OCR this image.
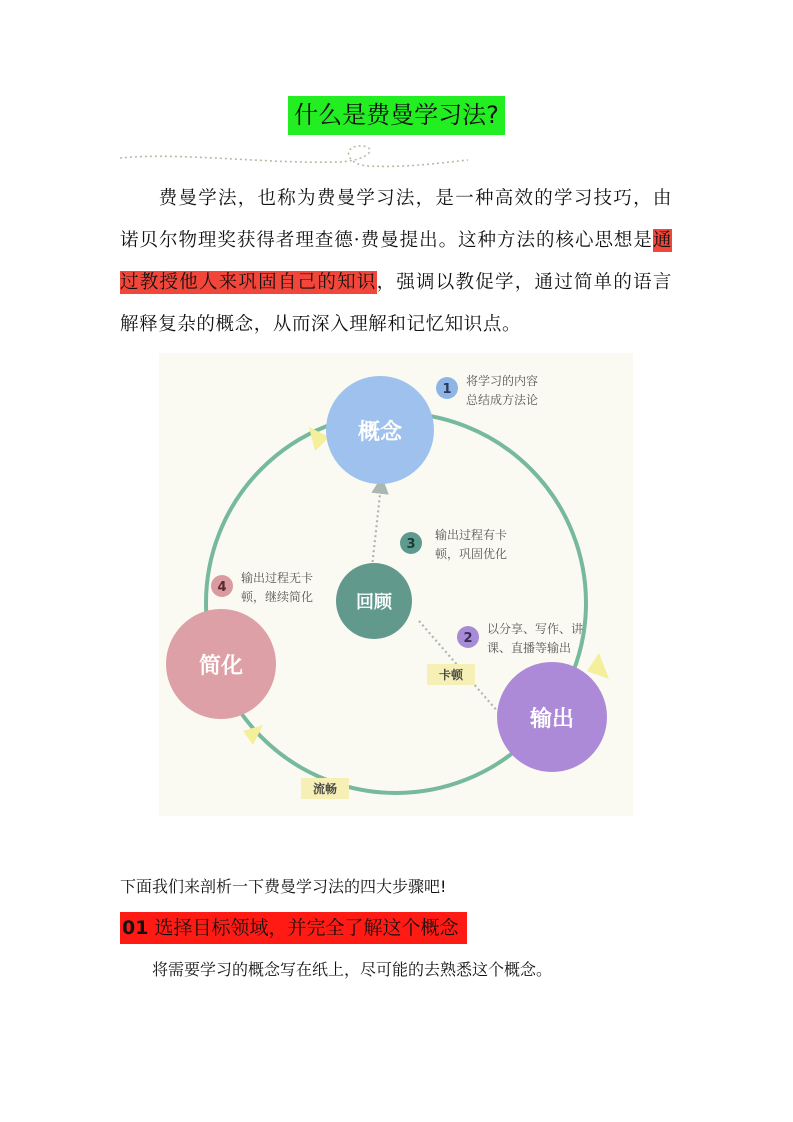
什么是费曼学习法?

费曼学法，也称为费曼学习法，是一种高效的学习技巧，由诺贝尔物理奖获得者理查德·费曼提出。这种方法的核心思想是通过教授他人来巩固自己的知识，强调以教促学，通过简单的语言解释复杂的概念，从而深入理解和记忆知识点。

概念
输出
简化
回顾
1
将学习的内容
总结成方法论
3
输出过程有卡
顿，巩固优化
4
输出过程无卡
顿，继续简化
2
以分享、写作、讲
课、直播等输出
卡顿
流畅

下面我们来剖析一下费曼学习法的四大步骤吧!

01 选择目标领域，并完全了解这个概念

将需要学习的概念写在纸上，尽可能的去熟悉这个概念。
